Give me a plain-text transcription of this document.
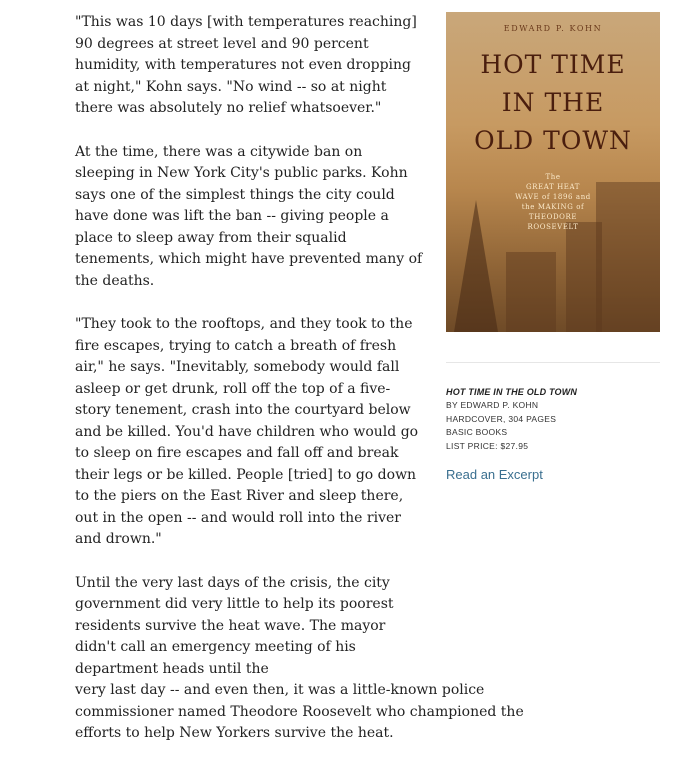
"This was 10 days [with temperatures reaching] 90 degrees at street level and 90 percent humidity, with temperatures not even dropping at night," Kohn says. "No wind -- so at night there was absolutely no relief whatsoever."

At the time, there was a citywide ban on sleeping in New York City's public parks. Kohn says one of the simplest things the city could have done was lift the ban -- giving people a place to sleep away from their squalid tenements, which might have prevented many of the deaths.

"They took to the rooftops, and they took to the fire escapes, trying to catch a breath of fresh air," he says. "Inevitably, somebody would fall asleep or get drunk, roll off the top of a five-story tenement, crash into the courtyard below and be killed. You'd have children who would go to sleep on fire escapes and fall off and break their legs or be killed. People [tried] to go down to the piers on the East River and sleep there, out in the open -- and would roll into the river and drown."

Until the very last days of the crisis, the city government did very little to help its poorest residents survive the heat wave. The mayor didn't call an emergency meeting of his department heads until the
very last day -- and even then, it was a little-known police commissioner named Theodore Roosevelt who championed the efforts to help New Yorkers survive the heat.

EDWARD P. KOHN
HOT TIME
IN THE
OLD TOWN
The
GREAT HEAT
WAVE of 1896 and
the MAKING of
THEODORE
ROOSEVELT
HOT TIME IN THE OLD TOWN
BY EDWARD P. KOHN
HARDCOVER, 304 PAGES
BASIC BOOKS
LIST PRICE: $27.95
Read an Excerpt
